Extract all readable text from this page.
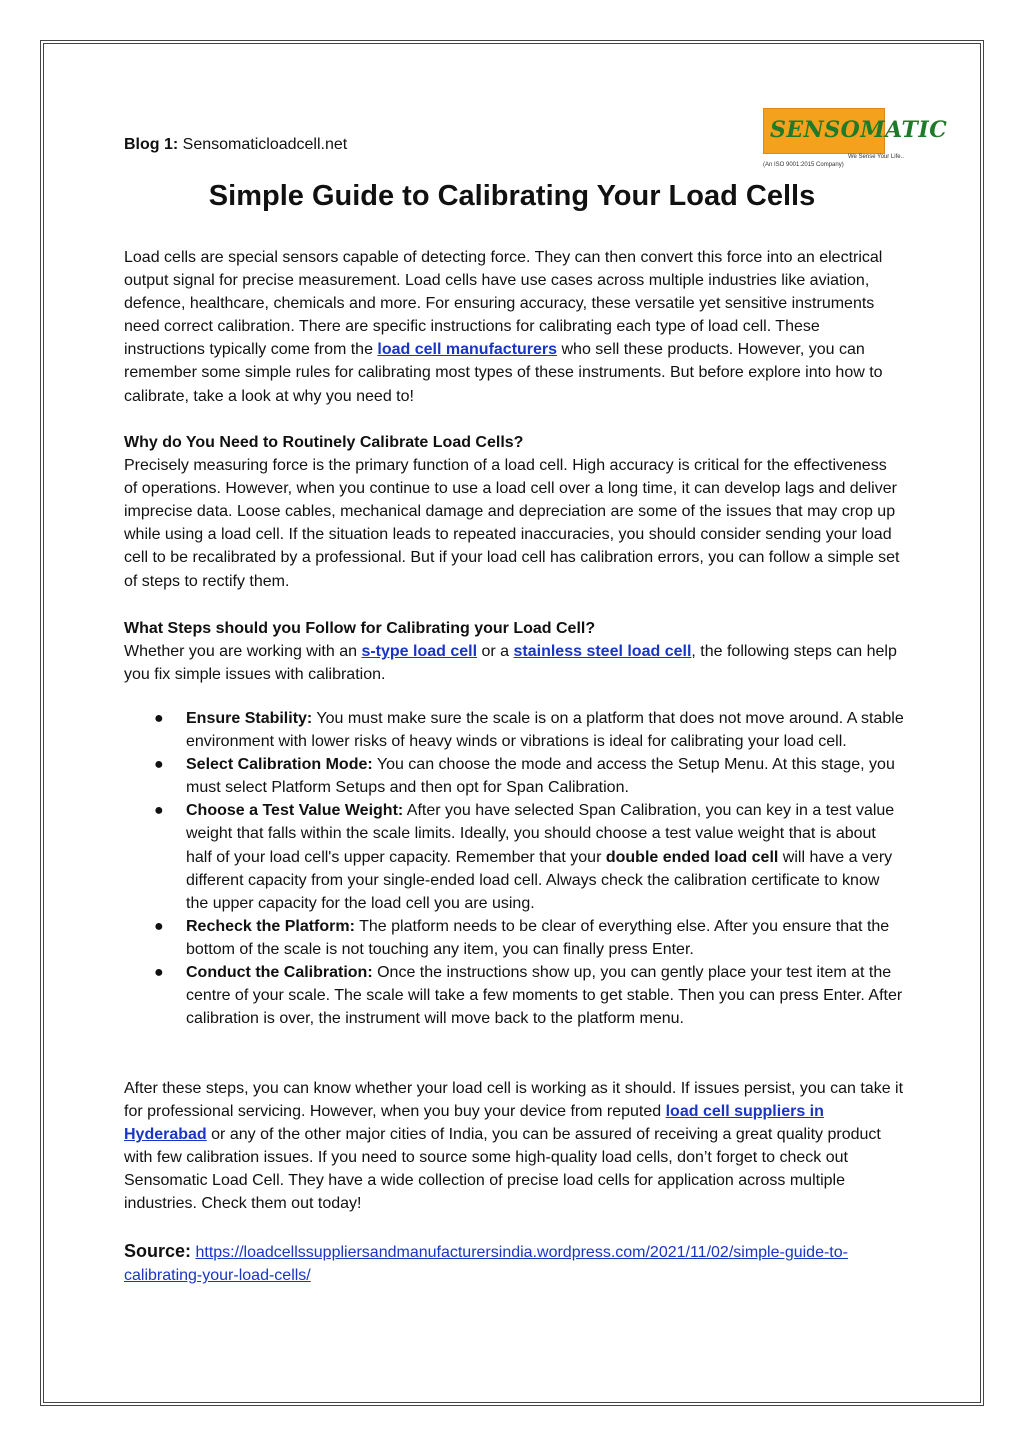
Blog 1: Sensomaticloadcell.net
SENSOMATIC
We Sense Your Life..
(An ISO 9001:2015 Company)
Simple Guide to Calibrating Your Load Cells
Load cells are special sensors capable of detecting force. They can then convert this force into an electrical output signal for precise measurement. Load cells have use cases across multiple industries like aviation, defence, healthcare, chemicals and more. For ensuring accuracy, these versatile yet sensitive instruments need correct calibration. There are specific instructions for calibrating each type of load cell. These instructions typically come from the load cell manufacturers who sell these products. However, you can remember some simple rules for calibrating most types of these instruments. But before explore into how to calibrate, take a look at why you need to!
Why do You Need to Routinely Calibrate Load Cells?
Precisely measuring force is the primary function of a load cell. High accuracy is critical for the effectiveness of operations. However, when you continue to use a load cell over a long time, it can develop lags and deliver imprecise data. Loose cables, mechanical damage and depreciation are some of the issues that may crop up while using a load cell. If the situation leads to repeated inaccuracies, you should consider sending your load cell to be recalibrated by a professional. But if your load cell has calibration errors, you can follow a simple set of steps to rectify them.
What Steps should you Follow for Calibrating your Load Cell?
Whether you are working with an s-type load cell or a stainless steel load cell, the following steps can help you fix simple issues with calibration.
● Ensure Stability: You must make sure the scale is on a platform that does not move around. A stable environment with lower risks of heavy winds or vibrations is ideal for calibrating your load cell.
● Select Calibration Mode: You can choose the mode and access the Setup Menu. At this stage, you must select Platform Setups and then opt for Span Calibration.
● Choose a Test Value Weight: After you have selected Span Calibration, you can key in a test value weight that falls within the scale limits. Ideally, you should choose a test value weight that is about half of your load cell's upper capacity. Remember that your double ended load cell will have a very different capacity from your single-ended load cell. Always check the calibration certificate to know the upper capacity for the load cell you are using.
● Recheck the Platform: The platform needs to be clear of everything else. After you ensure that the bottom of the scale is not touching any item, you can finally press Enter.
● Conduct the Calibration: Once the instructions show up, you can gently place your test item at the centre of your scale. The scale will take a few moments to get stable. Then you can press Enter. After calibration is over, the instrument will move back to the platform menu.
After these steps, you can know whether your load cell is working as it should. If issues persist, you can take it for professional servicing. However, when you buy your device from reputed load cell suppliers in Hyderabad or any of the other major cities of India, you can be assured of receiving a great quality product with few calibration issues. If you need to source some high-quality load cells, don’t forget to check out Sensomatic Load Cell. They have a wide collection of precise load cells for application across multiple industries. Check them out today!
Source: https://loadcellssuppliersandmanufacturersindia.wordpress.com/2021/11/02/simple-guide-to-calibrating-your-load-cells/
